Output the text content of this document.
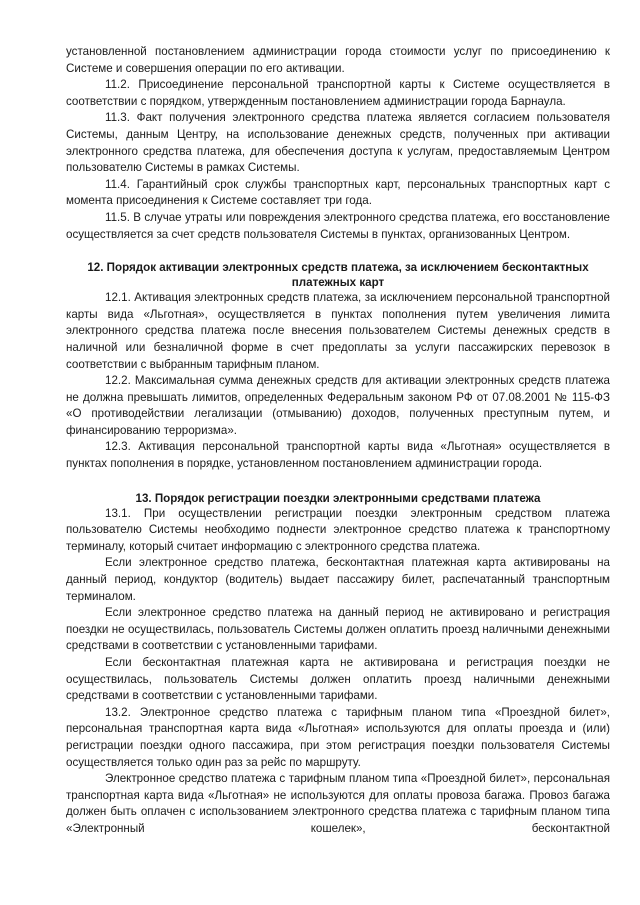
установленной постановлением администрации города стоимости услуг по присоединению к Системе и совершения операции по его активации.

11.2. Присоединение персональной транспортной карты к Системе осуществляется в соответствии с порядком, утвержденным постановлением администрации города Барнаула.

11.3. Факт получения электронного средства платежа является согласием пользователя Системы, данным Центру, на использование денежных средств, полученных при активации электронного средства платежа, для обеспечения доступа к услугам, предоставляемым Центром пользователю Системы в рамках Системы.

11.4. Гарантийный срок службы транспортных карт, персональных транспортных карт с момента присоединения к Системе составляет три года.

11.5. В случае утраты или повреждения электронного средства платежа, его восстановление осуществляется за счет средств пользователя Системы в пунктах, организованных Центром.

12. Порядок активации электронных средств платежа, за исключением бесконтактных платежных карт

12.1. Активация электронных средств платежа, за исключением персональной транспортной карты вида «Льготная», осуществляется в пунктах пополнения путем увеличения лимита электронного средства платежа после внесения пользователем Системы денежных средств в наличной или безналичной форме в счет предоплаты за услуги пассажирских перевозок в соответствии с выбранным тарифным планом.

12.2. Максимальная сумма денежных средств для активации электронных средств платежа не должна превышать лимитов, определенных Федеральным законом РФ от 07.08.2001 № 115-ФЗ «О противодействии легализации (отмыванию) доходов, полученных преступным путем, и финансированию терроризма».

12.3. Активация персональной транспортной карты вида «Льготная» осуществляется в пунктах пополнения в порядке, установленном постановлением администрации города.

13. Порядок регистрации поездки электронными средствами платежа

13.1. При осуществлении регистрации поездки электронным средством платежа пользователю Системы необходимо поднести электронное средство платежа к транспортному терминалу, который считает информацию с электронного средства платежа.

Если электронное средство платежа, бесконтактная платежная карта активированы на данный период, кондуктор (водитель) выдает пассажиру билет, распечатанный транспортным терминалом.

Если электронное средство платежа на данный период не активировано и регистрация поездки не осуществилась, пользователь Системы должен оплатить проезд наличными денежными средствами в соответствии с установленными тарифами.

Если бесконтактная платежная карта не активирована и регистрация поездки не осуществилась, пользователь Системы должен оплатить проезд наличными денежными средствами в соответствии с установленными тарифами.

13.2. Электронное средство платежа с тарифным планом типа «Проездной билет», персональная транспортная карта вида «Льготная» используются для оплаты проезда и (или) регистрации поездки одного пассажира, при этом регистрация поездки пользователя Системы осуществляется только один раз за рейс по маршруту.

Электронное средство платежа с тарифным планом типа «Проездной билет», персональная транспортная карта вида «Льготная» не используются для оплаты провоза багажа. Провоз багажа должен быть оплачен с использованием электронного средства платежа с тарифным планом типа «Электронный кошелек», бесконтактной
